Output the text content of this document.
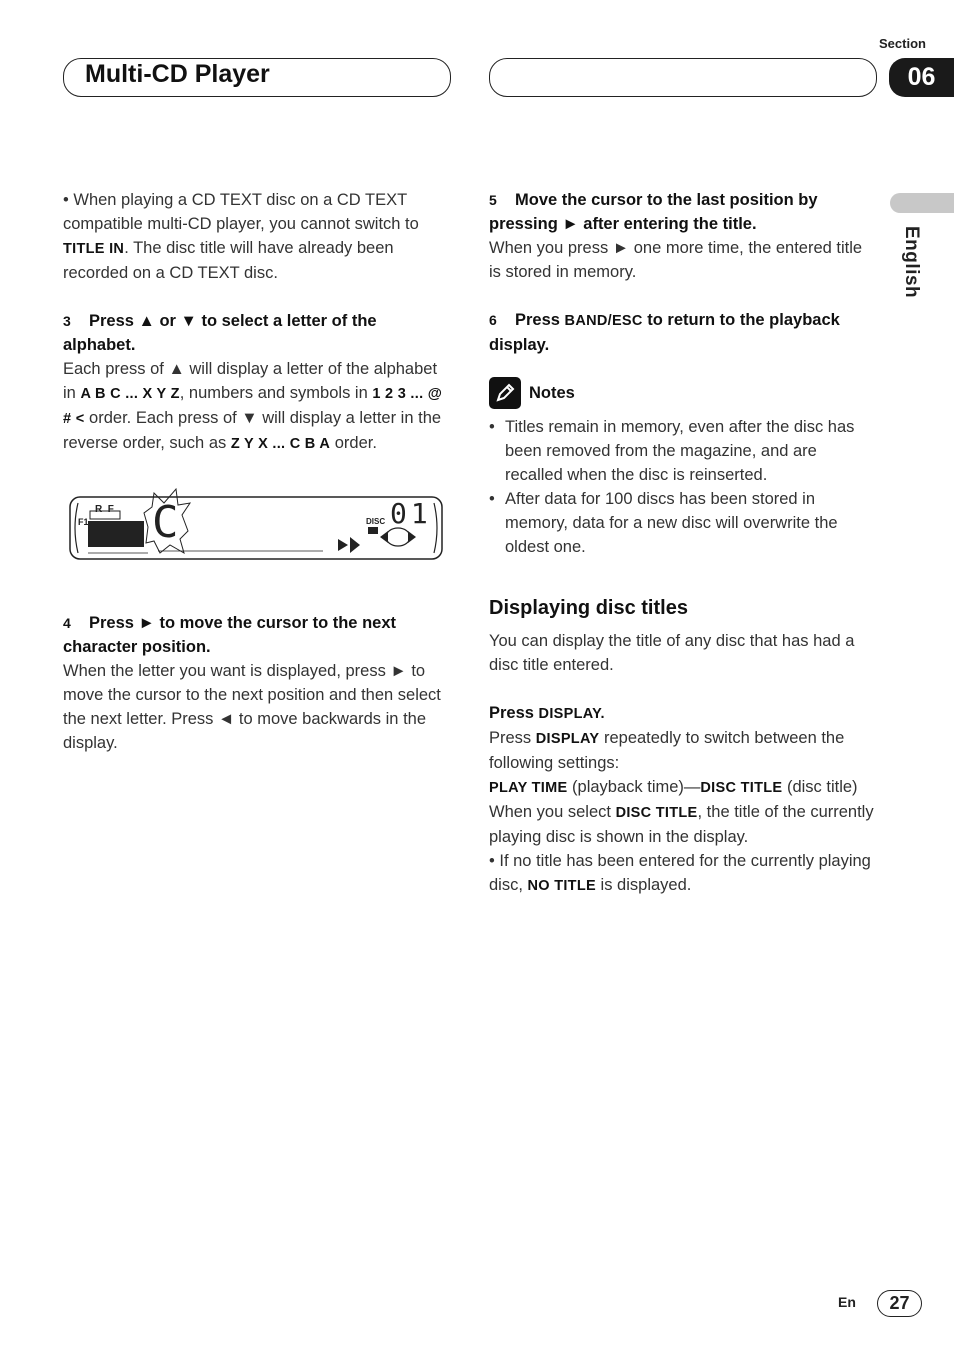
Multi-CD Player
Section
06
English

• When playing a CD TEXT disc on a CD TEXT compatible multi-CD player, you cannot switch to TITLE IN. The disc title will have already been recorded on a CD TEXT disc.

3 Press ▲ or ▼ to select a letter of the alphabet.

Each press of ▲ will display a letter of the alphabet in A B C ... X Y Z, numbers and symbols in 1 2 3 ... @ # < order. Each press of ▼ will display a letter in the reverse order, such as Z Y X ... C B A order.

F1
R  F C	DISC 01

4 Press ► to move the cursor to the next character position.

When the letter you want is displayed, press ► to move the cursor to the next position and then select the next letter. Press ◄ to move backwards in the display.

5 Move the cursor to the last position by pressing ► after entering the title.

When you press ► one more time, the entered title is stored in memory.

6 Press BAND/ESC to return to the playback display.

Notes
• Titles remain in memory, even after the disc has been removed from the magazine, and are recalled when the disc is reinserted.
• After data for 100 discs has been stored in memory, data for a new disc will overwrite the oldest one.

Displaying disc titles

You can display the title of any disc that has had a disc title entered.

Press DISPLAY.

Press DISPLAY repeatedly to switch between the following settings:

PLAY TIME (playback time)—DISC TITLE (disc title)

When you select DISC TITLE, the title of the currently playing disc is shown in the display.

• If no title has been entered for the currently playing disc, NO TITLE is displayed.

En	27
